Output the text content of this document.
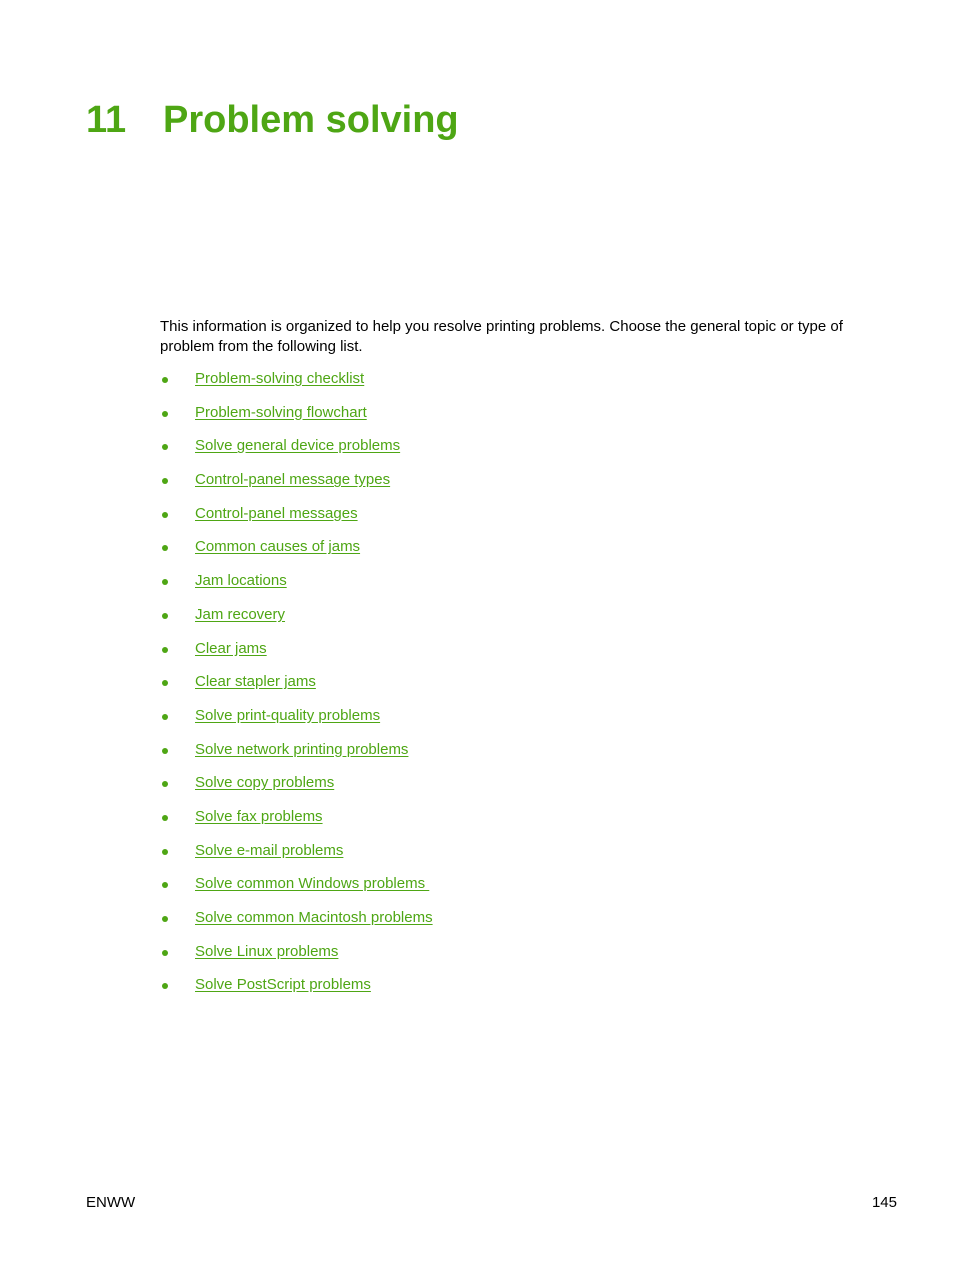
11 Problem solving

This information is organized to help you resolve printing problems. Choose the general topic or type of problem from the following list.

Problem-solving checklist
Problem-solving flowchart
Solve general device problems
Control-panel message types
Control-panel messages
Common causes of jams
Jam locations
Jam recovery
Clear jams
Clear stapler jams
Solve print-quality problems
Solve network printing problems
Solve copy problems
Solve fax problems
Solve e-mail problems
Solve common Windows problems
Solve common Macintosh problems
Solve Linux problems
Solve PostScript problems
ENWW	145
